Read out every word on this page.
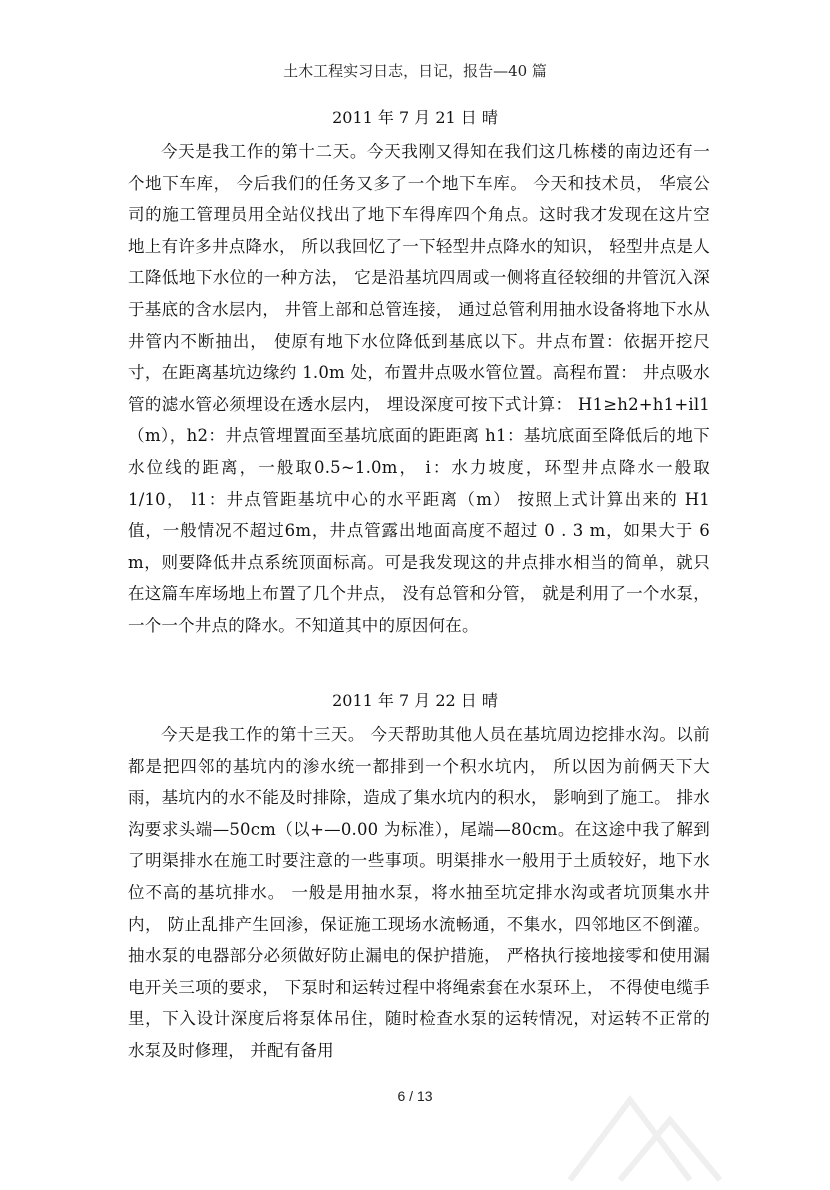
土木工程实习日志，日记，报告—40 篇
2011 年 7 月 21 日 晴

今天是我工作的第十二天。今天我刚又得知在我们这几栋楼的南边还有一个地下车库， 今后我们的任务又多了一个地下车库。 今天和技术员， 华宸公司的施工管理员用全站仪找出了地下车得库四个角点。这时我才发现在这片空地上有许多井点降水， 所以我回忆了一下轻型井点降水的知识， 轻型井点是人工降低地下水位的一种方法， 它是沿基坑四周或一侧将直径较细的井管沉入深于基底的含水层内， 井管上部和总管连接， 通过总管利用抽水设备将地下水从井管内不断抽出， 使原有地下水位降低到基底以下。井点布置：依据开挖尺寸，在距离基坑边缘约 1.0m 处，布置井点吸水管位置。高程布置： 井点吸水管的滤水管必须埋设在透水层内， 埋设深度可按下式计算： H1≥h2+h1+il1（m），h2：井点管埋置面至基坑底面的距距离 h1：基坑底面至降低后的地下水位线的距离，一般取0.5~1.0m， i：水力坡度，环型井点降水一般取 1/10， l1：井点管距基坑中心的水平距离（m） 按照上式计算出来的 H1 值，一般情况不超过6m，井点管露出地面高度不超过 0 . 3 m，如果大于 6 m，则要降低井点系统顶面标高。可是我发现这的井点排水相当的简单，就只在这篇车库场地上布置了几个井点， 没有总管和分管， 就是利用了一个水泵，一个一个井点的降水。不知道其中的原因何在。

2011 年 7 月 22 日 晴

今天是我工作的第十三天。 今天帮助其他人员在基坑周边挖排水沟。以前都是把四邻的基坑内的渗水统一都排到一个积水坑内， 所以因为前俩天下大雨，基坑内的水不能及时排除，造成了集水坑内的积水， 影响到了施工。 排水沟要求头端—50cm（以+—0.00 为标准），尾端—80cm。在这途中我了解到了明渠排水在施工时要注意的一些事项。明渠排水一般用于土质较好，地下水位不高的基坑排水。 一般是用抽水泵，将水抽至坑定排水沟或者坑顶集水井内， 防止乱排产生回渗，保证施工现场水流畅通，不集水，四邻地区不倒灌。抽水泵的电器部分必须做好防止漏电的保护措施， 严格执行接地接零和使用漏电开关三项的要求， 下泵时和运转过程中将绳索套在水泵环上， 不得使电缆手里，下入设计深度后将泵体吊住，随时检查水泵的运转情况，对运转不正常的水泵及时修理， 并配有备用

6 / 13
